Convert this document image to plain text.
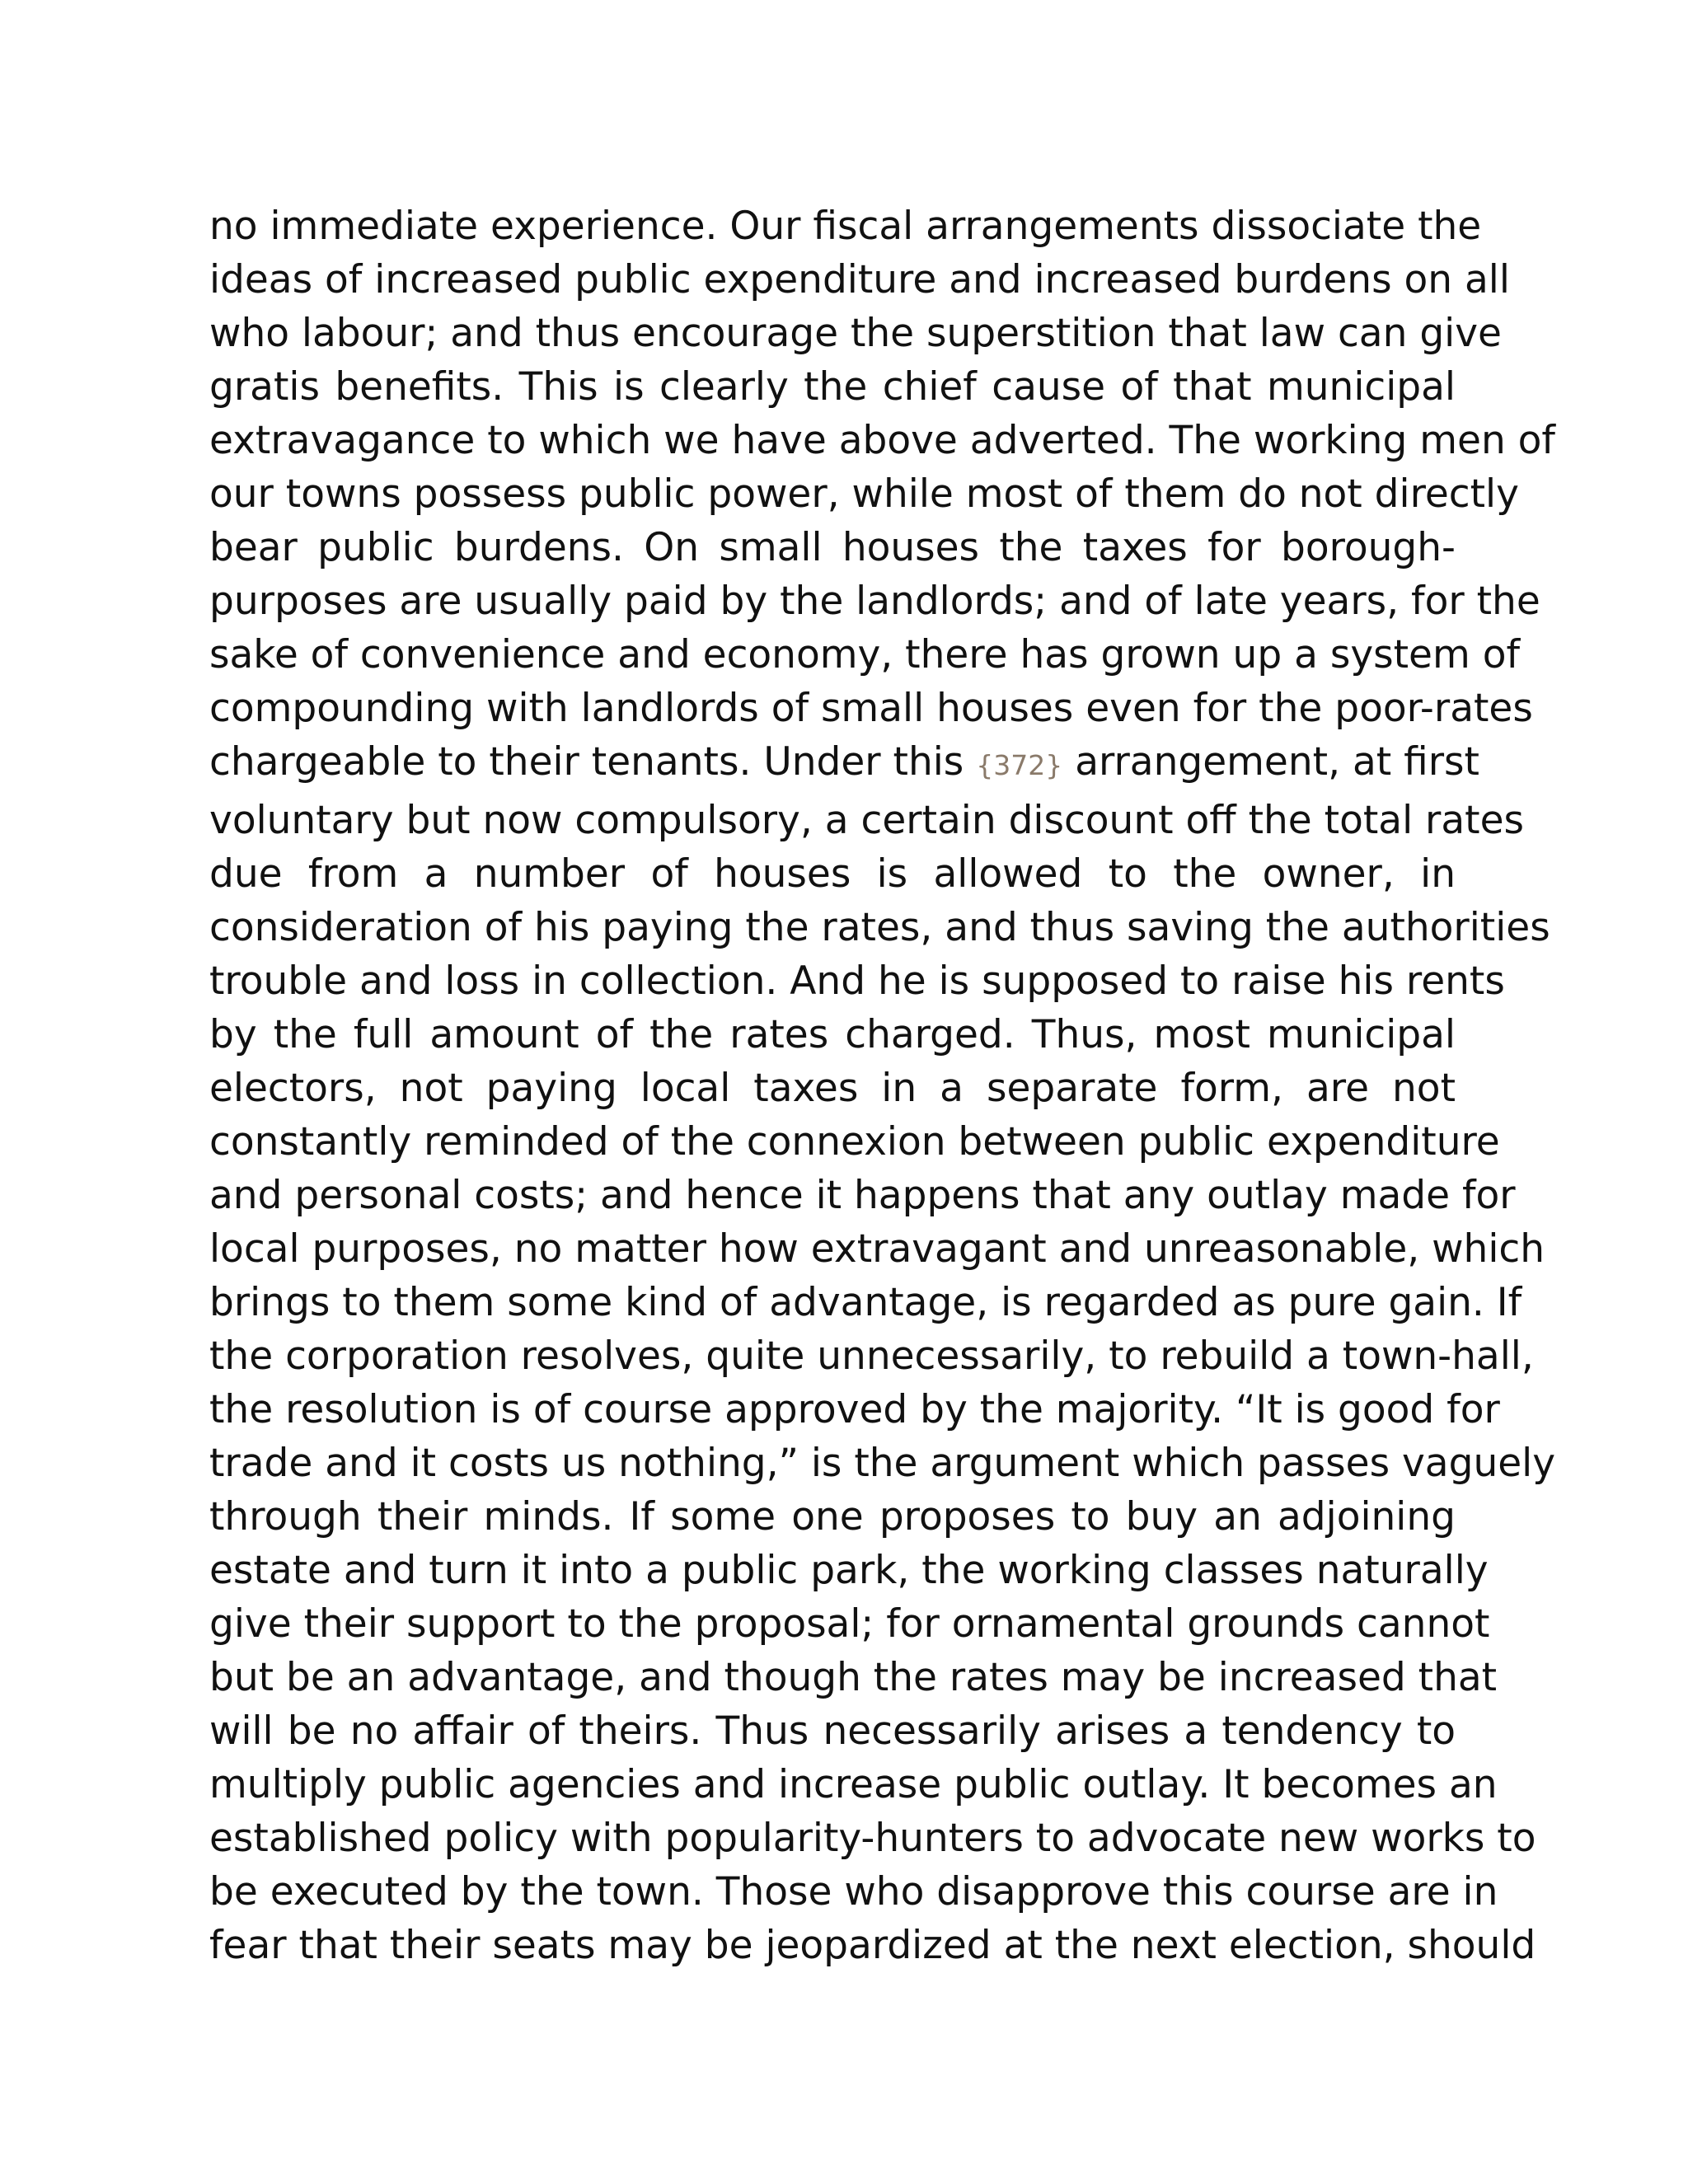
no immediate experience. Our fiscal arrangements dissociate the
ideas of increased public expenditure and increased burdens on all
who labour; and thus encourage the superstition that law can give
gratis benefits. This is clearly the chief cause of that municipal
extravagance to which we have above adverted. The working men of
our towns possess public power, while most of them do not directly
bear public burdens. On small houses the taxes for borough-
purposes are usually paid by the landlords; and of late years, for the
sake of convenience and economy, there has grown up a system of
compounding with landlords of small houses even for the poor-rates
chargeable to their tenants. Under this {372} arrangement, at first
voluntary but now compulsory, a certain discount off the total rates
due from a number of houses is allowed to the owner, in
consideration of his paying the rates, and thus saving the authorities
trouble and loss in collection. And he is supposed to raise his rents
by the full amount of the rates charged. Thus, most municipal
electors, not paying local taxes in a separate form, are not
constantly reminded of the connexion between public expenditure
and personal costs; and hence it happens that any outlay made for
local purposes, no matter how extravagant and unreasonable, which
brings to them some kind of advantage, is regarded as pure gain. If
the corporation resolves, quite unnecessarily, to rebuild a town-hall,
the resolution is of course approved by the majority. “It is good for
trade and it costs us nothing,” is the argument which passes vaguely
through their minds. If some one proposes to buy an adjoining
estate and turn it into a public park, the working classes naturally
give their support to the proposal; for ornamental grounds cannot
but be an advantage, and though the rates may be increased that
will be no affair of theirs. Thus necessarily arises a tendency to
multiply public agencies and increase public outlay. It becomes an
established policy with popularity-hunters to advocate new works to
be executed by the town. Those who disapprove this course are in
fear that their seats may be jeopardized at the next election, should
